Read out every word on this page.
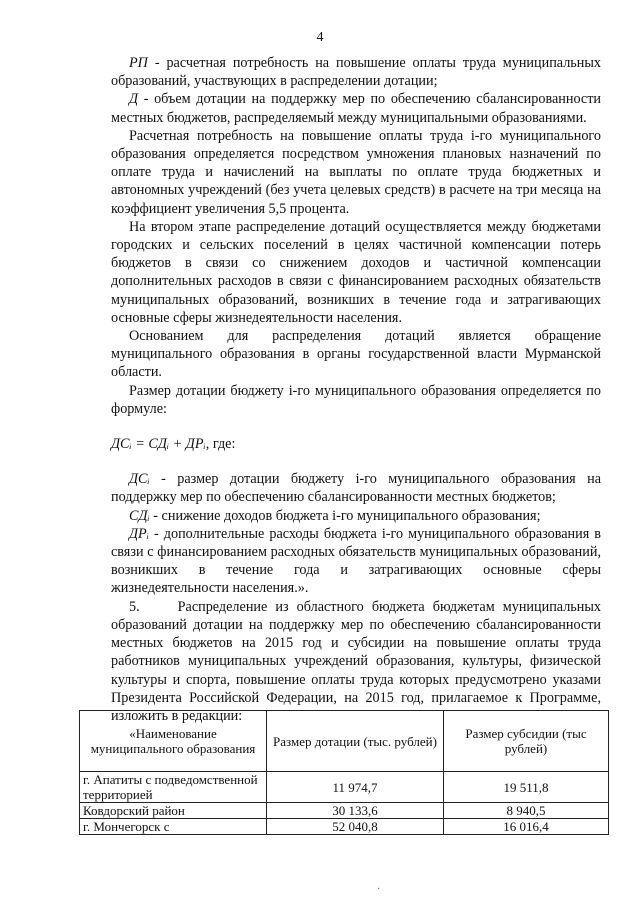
4

РП - расчетная потребность на повышение оплаты труда муниципальных образований, участвующих в распределении дотации;

Д - объем дотации на поддержку мер по обеспечению сбалансированности местных бюджетов, распределяемый между муниципальными образованиями.

Расчетная потребность на повышение оплаты труда i-го муниципального образования определяется посредством умножения плановых назначений по оплате труда и начислений на выплаты по оплате труда бюджетных и автономных учреждений (без учета целевых средств) в расчете на три месяца на коэффициент увеличения 5,5 процента.

На втором этапе распределение дотаций осуществляется между бюджетами городских и сельских поселений в целях частичной компенсации потерь бюджетов в связи со снижением доходов и частичной компенсации дополнительных расходов в связи с финансированием расходных обязательств муниципальных образований, возникших в течение года и затрагивающих основные сферы жизнедеятельности населения.

Основанием для распределения дотаций является обращение муниципального образования в органы государственной власти Мурманской области.

Размер дотации бюджету i-го муниципального образования определяется по формуле:

ДСᵢ = СДᵢ + ДРᵢ, где:

ДСᵢ - размер дотации бюджету i-го муниципального образования на поддержку мер по обеспечению сбалансированности местных бюджетов;

СДᵢ - снижение доходов бюджета i-го муниципального образования;

ДРᵢ - дополнительные расходы бюджета i-го муниципального образования в связи с финансированием расходных обязательств муниципальных образований, возникших в течение года и затрагивающих основные сферы жизнедеятельности населения.».

5.	Распределение из областного бюджета бюджетам муниципальных образований дотации на поддержку мер по обеспечению сбалансированности местных бюджетов на 2015 год и субсидии на повышение оплаты труда работников муниципальных учреждений образования, культуры, физической культуры и спорта, повышение оплаты труда которых предусмотрено указами Президента Российской Федерации, на 2015 год, прилагаемое к Программе, изложить в редакции:

«Наименование муниципального образования	Размер дотации (тыс. рублей)	Размер субсидии (тыс рублей)
г. Апатиты с подведомственной территорией	11 974,7	19 511,8
Ковдорский район	30 133,6	8 940,5
г. Мончегорск с	52 040,8	16 016,4
·
